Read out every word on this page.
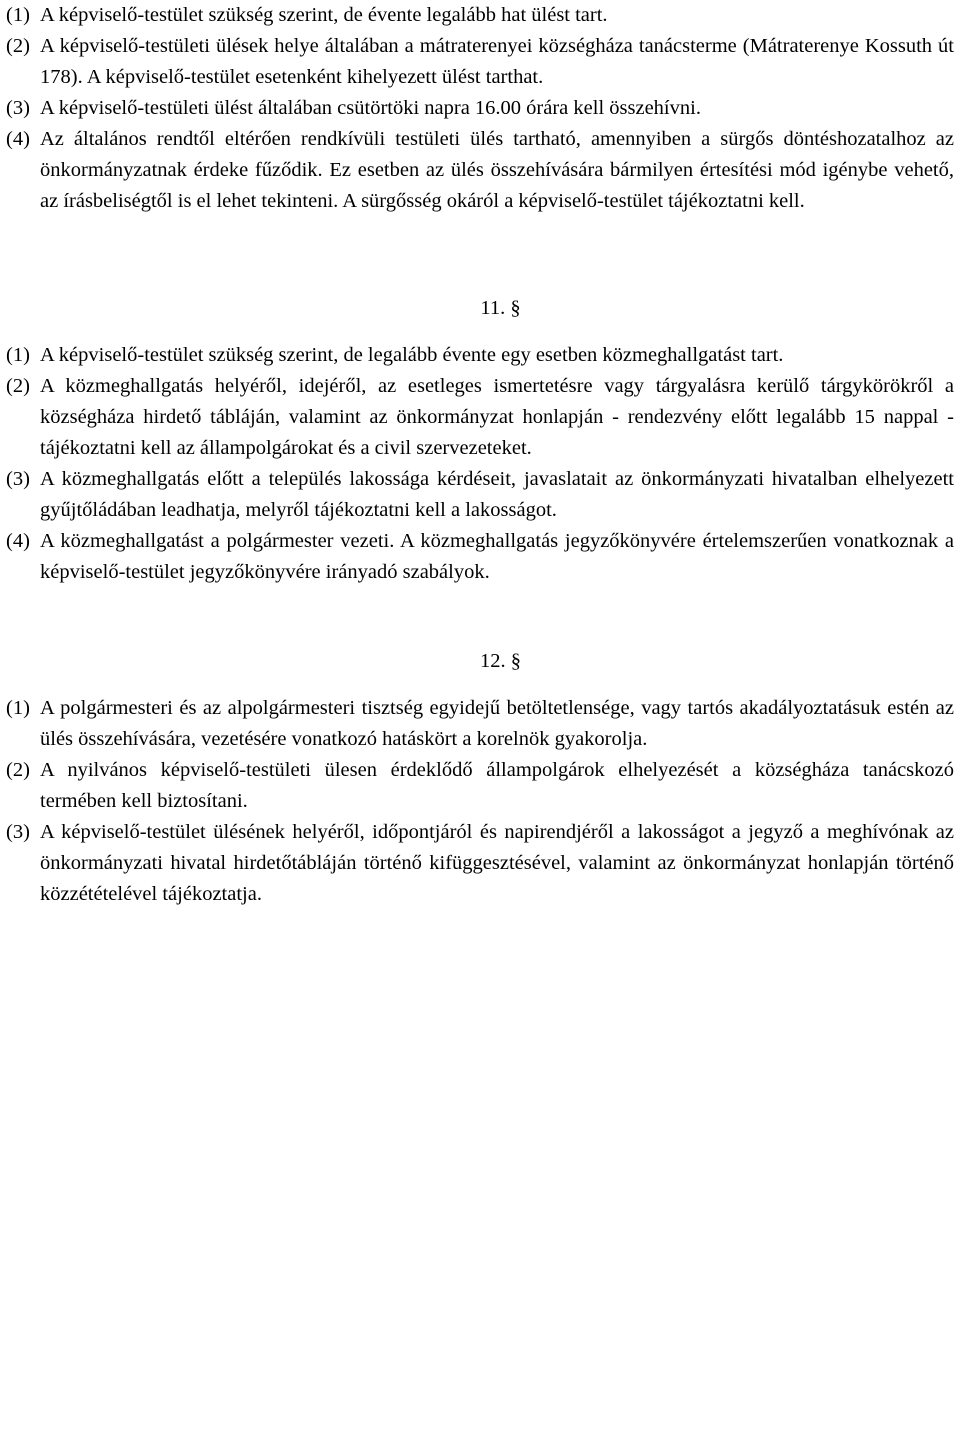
(1) A képviselő-testület szükség szerint, de évente legalább hat ülést tart.
(2) A képviselő-testületi ülések helye általában a mátraterenyei községháza tanácsterme (Mátraterenye Kossuth út 178). A képviselő-testület esetenként kihelyezett ülést tarthat.
(3) A képviselő-testületi ülést általában csütörtöki napra 16.00 órára kell összehívni.
(4) Az általános rendtől eltérően rendkívüli testületi ülés tartható, amennyiben a sürgős döntéshozatalhoz az önkormányzatnak érdeke fűződik. Ez esetben az ülés összehívására bármilyen értesítési mód igénybe vehető, az írásbeliségtől is el lehet tekinteni. A sürgősség okáról a képviselő-testület tájékoztatni kell.
11. §
(1) A képviselő-testület szükség szerint, de legalább évente egy esetben közmeghallgatást tart.
(2) A közmeghallgatás helyéről, idejéről, az esetleges ismertetésre vagy tárgyalásra kerülő tárgykörökről a községháza hirdető tábláján, valamint az önkormányzat honlapján - rendezvény előtt legalább 15 nappal - tájékoztatni kell az állampolgárokat és a civil szervezeteket.
(3) A közmeghallgatás előtt a település lakossága kérdéseit, javaslatait az önkormányzati hivatalban elhelyezett gyűjtőládában leadhatja, melyről tájékoztatni kell a lakosságot.
(4) A közmeghallgatást a polgármester vezeti. A közmeghallgatás jegyzőkönyvére értelemszerűen vonatkoznak a képviselő-testület jegyzőkönyvére irányadó szabályok.
12. §
(1) A polgármesteri és az alpolgármesteri tisztség egyidejű betöltetlensége, vagy tartós akadályoztatásuk estén az ülés összehívására, vezetésére vonatkozó hatáskört a korelnök gyakorolja.
(2) A nyilvános képviselő-testületi ülesen érdeklődő állampolgárok elhelyezését a községháza tanácskozó termében kell biztosítani.
(3) A képviselő-testület ülésének helyéről, időpontjáról és napirendjéről a lakosságot a jegyző a meghívónak az önkormányzati hivatal hirdetőtábláján történő kifüggesztésével, valamint az önkormányzat honlapján történő közzétételével tájékoztatja.
